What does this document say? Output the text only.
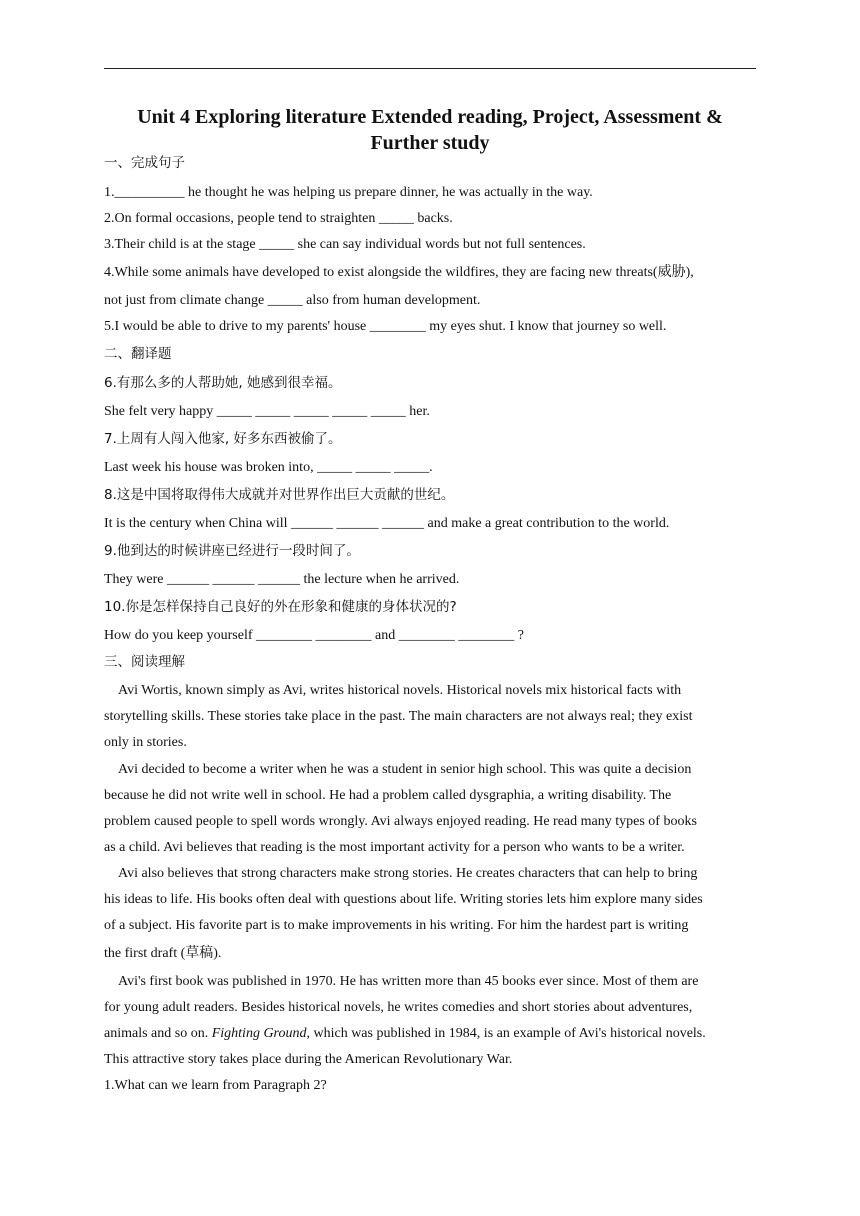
Unit 4 Exploring literature Extended reading, Project, Assessment &
Further study
一、完成句子
1.__________ he thought he was helping us prepare dinner, he was actually in the way.
2.On formal occasions, people tend to straighten _____ backs.
3.Their child is at the stage _____ she can say individual words but not full sentences.
4.While some animals have developed to exist alongside the wildfires, they are facing new threats(威胁),
not just from climate change _____ also from human development.
5.I would be able to drive to my parents' house ________ my eyes shut. I know that journey so well.
二、翻译题
6.有那么多的人帮助她, 她感到很幸福。
She felt very happy _____ _____ _____ _____ _____ her.
7.上周有人闯入他家, 好多东西被偷了。
Last week his house was broken into, _____ _____ _____.
8.这是中国将取得伟大成就并对世界作出巨大贡献的世纪。
It is the century when China will ______ ______ ______ and make a great contribution to the world.
9.他到达的时候讲座已经进行一段时间了。
They were ______ ______ ______ the lecture when he arrived.
10.你是怎样保持自己良好的外在形象和健康的身体状况的?
How do you keep yourself ________ ________ and ________ ________ ?
三、阅读理解
Avi Wortis, known simply as Avi, writes historical novels. Historical novels mix historical facts with
storytelling skills. These stories take place in the past. The main characters are not always real; they exist
only in stories.
Avi decided to become a writer when he was a student in senior high school. This was quite a decision
because he did not write well in school. He had a problem called dysgraphia, a writing disability. The
problem caused people to spell words wrongly. Avi always enjoyed reading. He read many types of books
as a child. Avi believes that reading is the most important activity for a person who wants to be a writer.
Avi also believes that strong characters make strong stories. He creates characters that can help to bring
his ideas to life. His books often deal with questions about life. Writing stories lets him explore many sides
of a subject. His favorite part is to make improvements in his writing. For him the hardest part is writing
the first draft (草稿).
Avi's first book was published in 1970. He has written more than 45 books ever since. Most of them are
for young adult readers. Besides historical novels, he writes comedies and short stories about adventures,
animals and so on. Fighting Ground, which was published in 1984, is an example of Avi's historical novels.
This attractive story takes place during the American Revolutionary War.
1.What can we learn from Paragraph 2?
